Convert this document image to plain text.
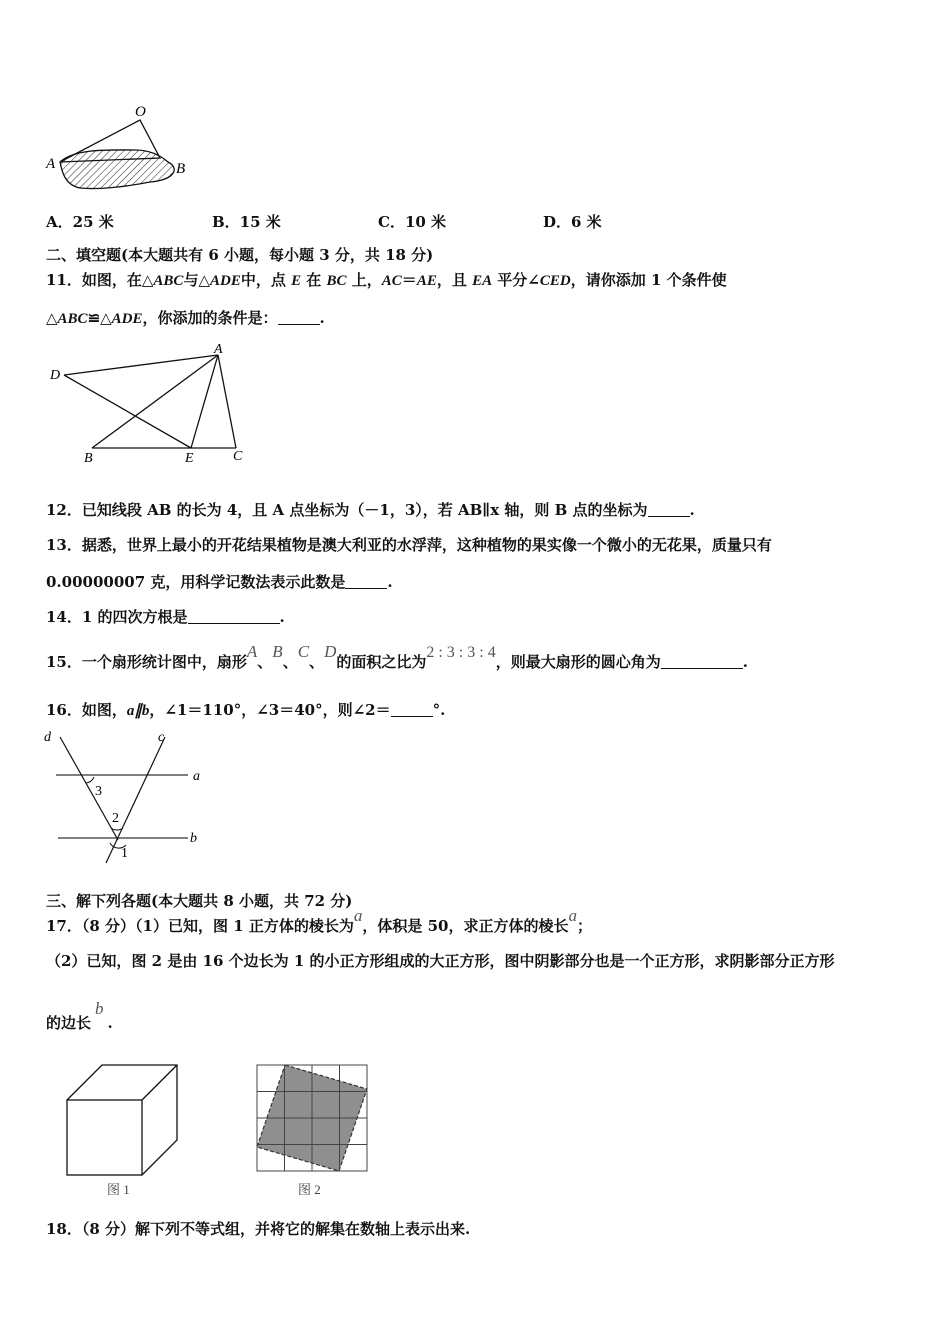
O
A	B
A．25 米	B．15 米	C．10 米	D．6 米
二、填空题(本大题共有 6 小题，每小题 3 分，共 18 分)
11．如图，在△ABC与△ADE中，点 E 在 BC 上，AC＝AE，且 EA 平分∠CED，请你添加 1 个条件使
△ABC≌△ADE，你添加的条件是：	.
A
D
B	E	C
12．已知线段 AB 的长为 4，且 A 点坐标为（－1，3），若 AB∥x 轴，则 B 点的坐标为	.
13．据悉，世界上最小的开花结果植物是澳大利亚的水浮萍，这种植物的果实像一个微小的无花果，质量只有
0.00000007 克，用科学记数法表示此数是	.
14．1 的四次方根是	.
15．一个扇形统计图中，扇形A、B、C、D的面积之比为2 : 3 : 3 : 4，则最大扇形的圆心角为	.
16．如图，a∥b，∠1＝110°，∠3＝40°，则∠2＝	°.
d	c
a
b
3
2
1
三、解下列各题(本大题共 8 小题，共 72 分)
17．（8 分）（1）已知，图 1 正方体的棱长为a，体积是 50，求正方体的棱长a；
（2）已知，图 2 是由 16 个边长为 1 的小正方形组成的大正方形，图中阴影部分也是一个正方形，求阴影部分正方形
的边长b.
图 1	图 2
18．（8 分）解下列不等式组，并将它的解集在数轴上表示出来.
